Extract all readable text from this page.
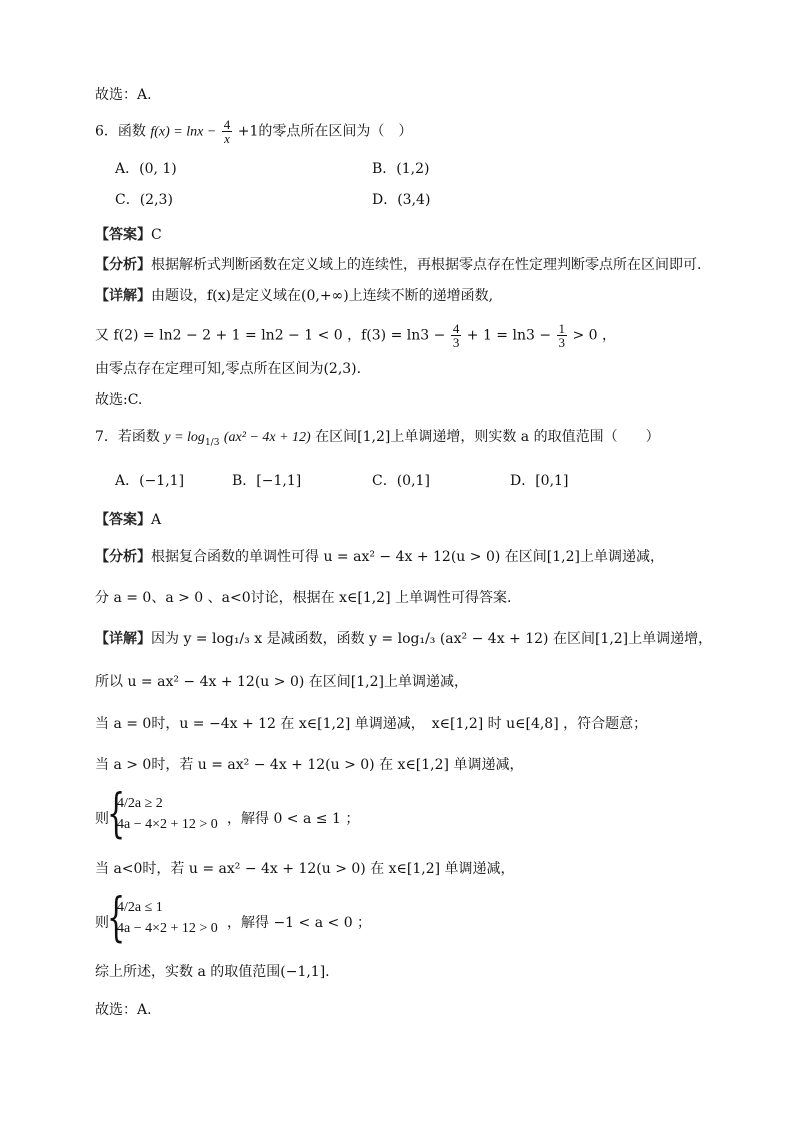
故选：A.
6．函数 $f(x) = \ln x - \frac{4}{x} +1$的零点所在区间为（　）
A．(0, 1)	B．(1,2)
C．(2,3)	D．(3,4)
【答案】C
【分析】根据解析式判断函数在定义域上的连续性，再根据零点存在性定理判断零点所在区间即可.
【详解】由题设，f(x)是定义域在(0,+∞)上连续不断的递增函数,
又 f(2) = ln2 − 2 + 1 = ln2 − 1 < 0 ，$f(3) = \ln 3 - \frac{4}{3} + 1 = \ln 3 - \frac{1}{3} > 0$ ，
由零点存在定理可知,零点所在区间为(2,3).
故选:C.
7．若函数 $y = \log_{1/3} (ax^2 - 4x + 12)$ 在区间[1,2]上单调递增，则实数 a 的取值范围（　　）
A．(−1,1]	B．[−1,1]	C．(0,1]	D．[0,1]
【答案】A
【分析】根据复合函数的单调性可得 u = ax² − 4x + 12(u > 0) 在区间[1,2]上单调递减，
分 a = 0、a > 0 、a<0讨论，根据在 x∈[1,2] 上单调性可得答案.
【详解】因为 y = log₁/₃ x 是减函数，函数 y = log₁/₃ (ax² − 4x + 12) 在区间[1,2]上单调递增，
所以 u = ax² − 4x + 12(u > 0) 在区间[1,2]上单调递减，
当 a = 0时，u = −4x + 12 在 x∈[1,2] 单调递减，　x∈[1,2] 时 u∈[4,8] ，符合题意；
当 a > 0时，若 u = ax² − 4x + 12(u > 0) 在 x∈[1,2] 单调递减，
则
{
4/2a ≥ 2
4a − 4×2 + 12 > 0 ，解得 0 < a ≤ 1 ；
当 a<0时，若 u = ax² − 4x + 12(u > 0) 在 x∈[1,2] 单调递减，
则
{
4/2a ≤ 1
4a − 4×2 + 12 > 0 ，解得 −1 < a < 0 ；
综上所述，实数 a 的取值范围(−1,1].
故选：A.
